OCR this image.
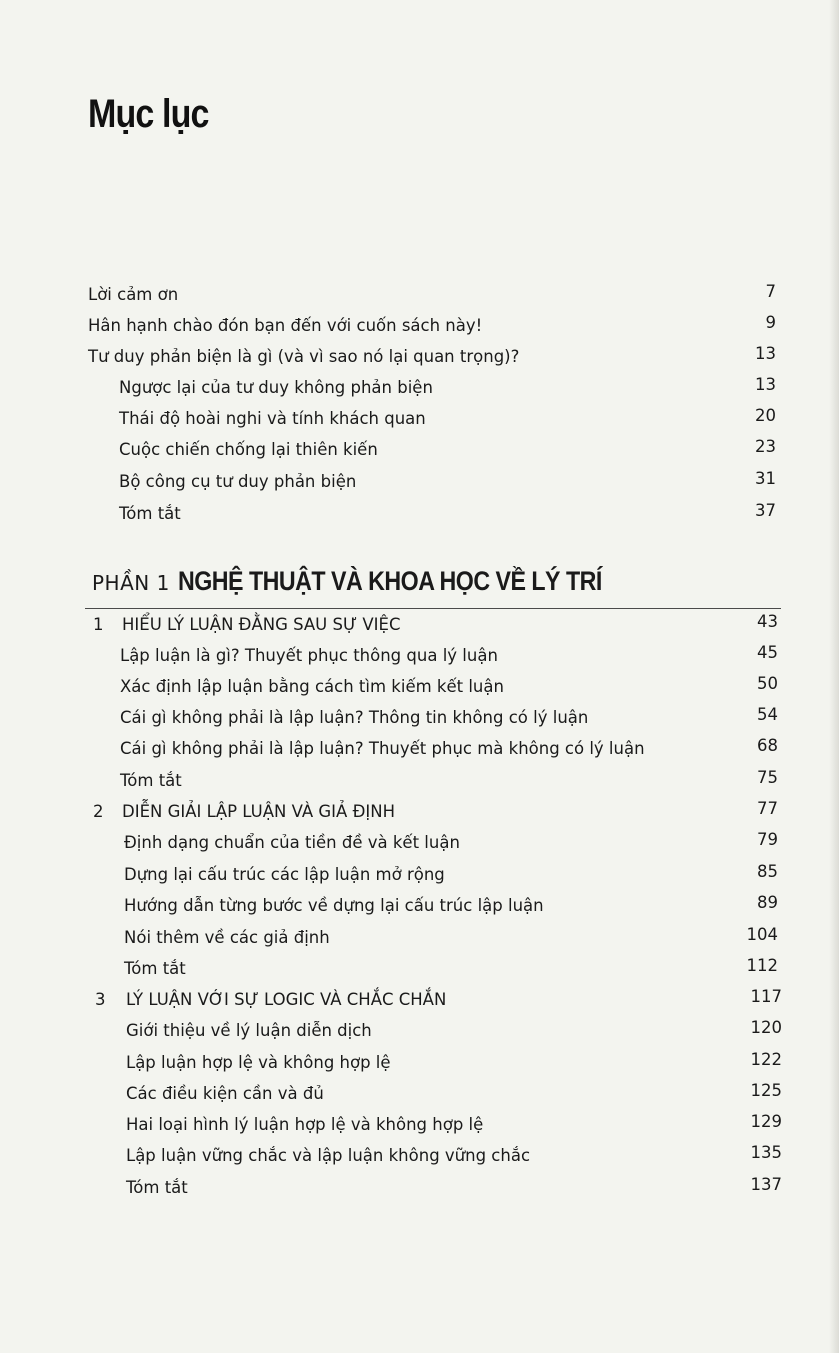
Mục lục
Lời cảm ơn	7
Hân hạnh chào đón bạn đến với cuốn sách này!	9
Tư duy phản biện là gì (và vì sao nó lại quan trọng)?	13
Ngược lại của tư duy không phản biện	13
Thái độ hoài nghi và tính khách quan	20
Cuộc chiến chống lại thiên kiến	23
Bộ công cụ tư duy phản biện	31
Tóm tắt	37
PHẦN 1 NGHỆ THUẬT VÀ KHOA HỌC VỀ LÝ TRÍ
1 HIỂU LÝ LUẬN ĐẰNG SAU SỰ VIỆC	43
Lập luận là gì? Thuyết phục thông qua lý luận	45
Xác định lập luận bằng cách tìm kiếm kết luận	50
Cái gì không phải là lập luận? Thông tin không có lý luận	54
Cái gì không phải là lập luận? Thuyết phục mà không có lý luận	68
Tóm tắt	75
2 DIỄN GIẢI LẬP LUẬN VÀ GIẢ ĐỊNH	77
Định dạng chuẩn của tiền đề và kết luận	79
Dựng lại cấu trúc các lập luận mở rộng	85
Hướng dẫn từng bước về dựng lại cấu trúc lập luận	89
Nói thêm về các giả định	104
Tóm tắt	112
3 LÝ LUẬN VỚI SỰ LOGIC VÀ CHẮC CHẮN	117
Giới thiệu về lý luận diễn dịch	120
Lập luận hợp lệ và không hợp lệ	122
Các điều kiện cần và đủ	125
Hai loại hình lý luận hợp lệ và không hợp lệ	129
Lập luận vững chắc và lập luận không vững chắc	135
Tóm tắt	137
